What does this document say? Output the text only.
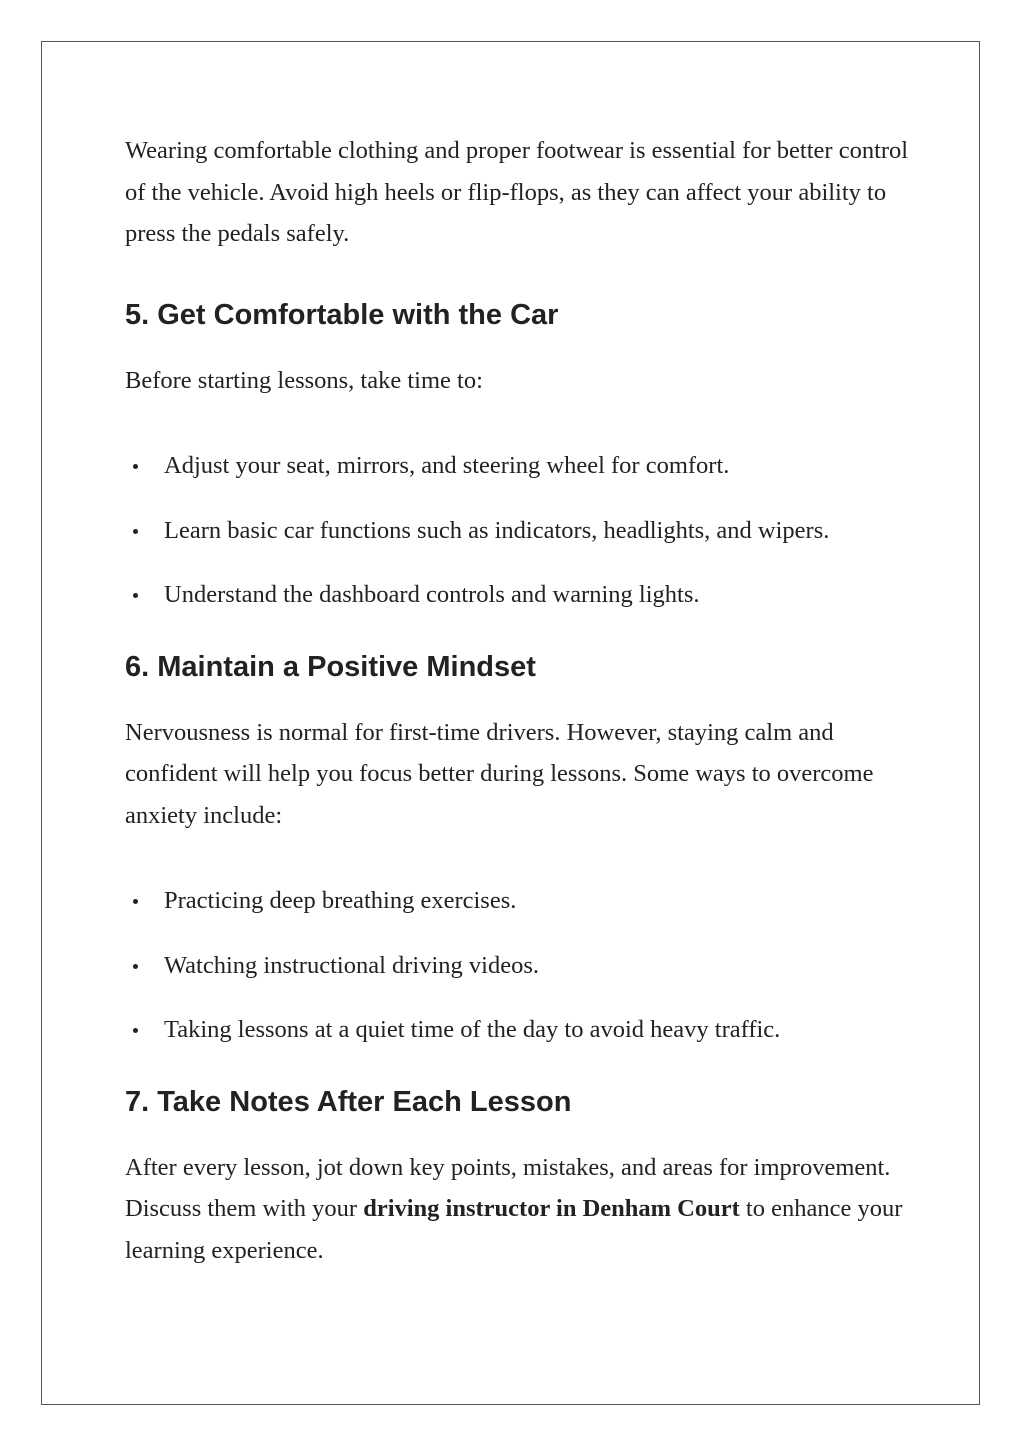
Wearing comfortable clothing and proper footwear is essential for better control of the vehicle. Avoid high heels or flip-flops, as they can affect your ability to press the pedals safely.

5. Get Comfortable with the Car

Before starting lessons, take time to:

Adjust your seat, mirrors, and steering wheel for comfort.
Learn basic car functions such as indicators, headlights, and wipers.
Understand the dashboard controls and warning lights.
6. Maintain a Positive Mindset

Nervousness is normal for first-time drivers. However, staying calm and confident will help you focus better during lessons. Some ways to overcome anxiety include:

Practicing deep breathing exercises.
Watching instructional driving videos.
Taking lessons at a quiet time of the day to avoid heavy traffic.
7. Take Notes After Each Lesson

After every lesson, jot down key points, mistakes, and areas for improvement. Discuss them with your driving instructor in Denham Court to enhance your learning experience.
